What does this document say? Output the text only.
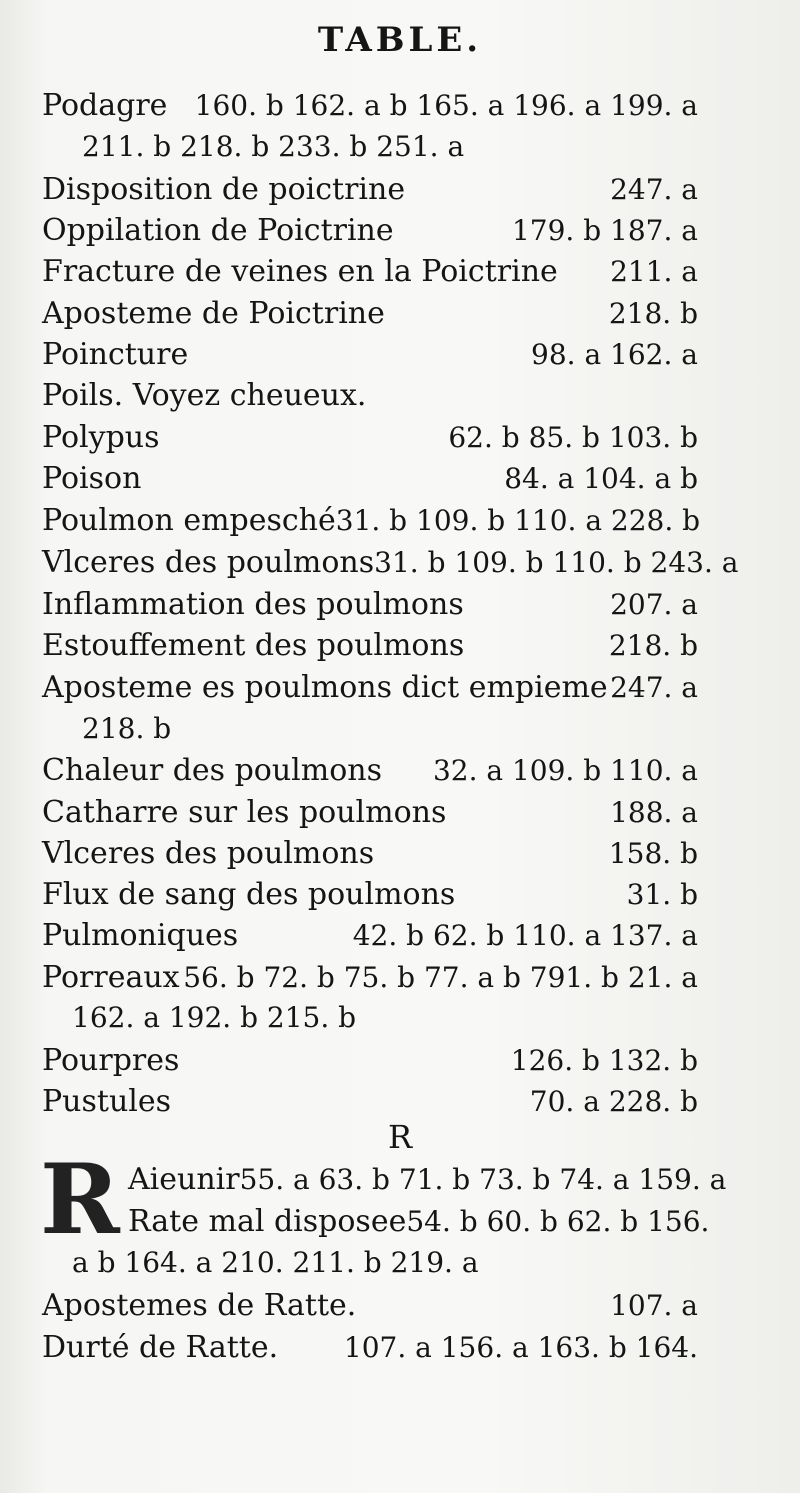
TABLE.
Podagre 160. b 162. a b 165. a 196. a 199. a
211. b 218. b 233. b 251. a
Disposition de poictrine	247. a
Oppilation de Poictrine	179. b 187. a
Fracture de veines en la Poictrine 211. a
Aposteme de Poictrine	218. b
Poincture	98. a 162. a
Poils. Voyez cheueux.
Polypus	62. b 85. b 103. b
Poison	84. a 104. a b
Poulmon empesché 31. b 109. b 110. a 228. b
Vlceres des poulmons 31. b 109. b 110. b 243. a
Inflammation des poulmons	207. a
Estouffement des poulmons	218. b
Aposteme es poulmons dict empieme 247. a
218. b
Chaleur des poulmons 32. a 109. b 110. a
Catharre sur les poulmons	188. a
Vlceres des poulmons	158. b
Flux de sang des poulmons	31. b
Pulmoniques	42. b 62. b 110. a 137. a
Porreaux 56. b 72. b 75. b 77. a b 791. b 21. a
162. a 192. b 215. b
Pourpres	126. b 132. b
Pustules	70. a 228. b
R
R Aieunir 55. a 63. b 71. b 73. b 74. a 159. a
Rate mal disposee 54. b 60. b 62. b 156.
a b 164. a 210. 211. b 219. a
Apostemes de Ratte.	107. a
Durté de Ratte. 107. a 156. a 163. b 164.
